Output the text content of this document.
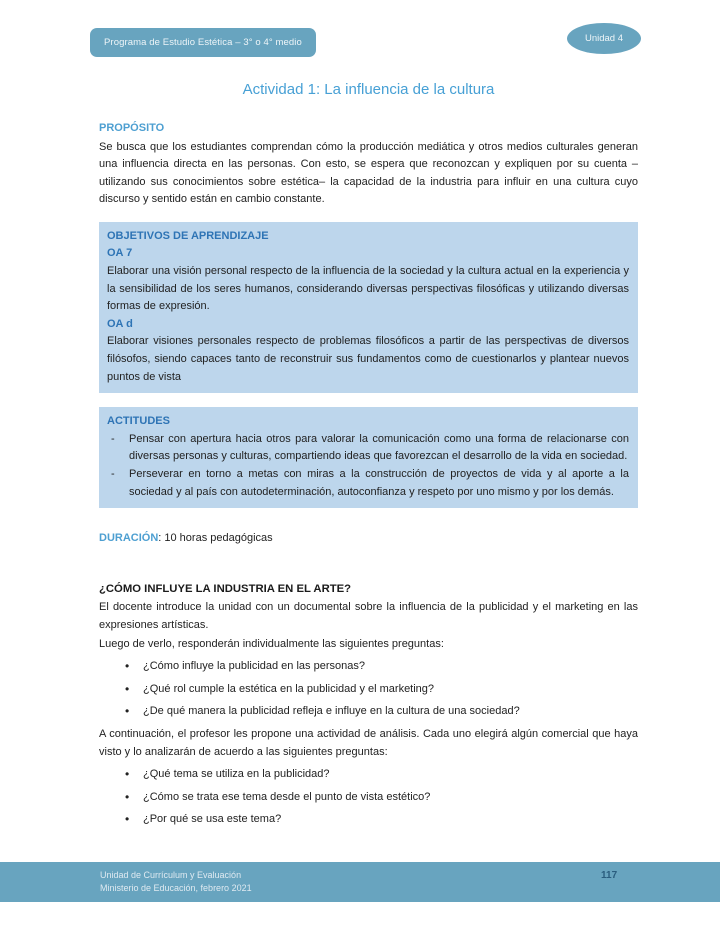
Programa de Estudio Estética – 3° o 4° medio	Unidad 4
Actividad 1: La influencia de la cultura
PROPÓSITO

Se busca que los estudiantes comprendan cómo la producción mediática y otros medios culturales generan una influencia directa en las personas. Con esto, se espera que reconozcan y expliquen por su cuenta –utilizando sus conocimientos sobre estética– la capacidad de la industria para influir en una cultura cuyo discurso y sentido están en cambio constante.

OBJETIVOS DE APRENDIZAJE

OA 7

Elaborar una visión personal respecto de la influencia de la sociedad y la cultura actual en la experiencia y la sensibilidad de los seres humanos, considerando diversas perspectivas filosóficas y utilizando diversas formas de expresión.

OA d

Elaborar visiones personales respecto de problemas filosóficos a partir de las perspectivas de diversos filósofos, siendo capaces tanto de reconstruir sus fundamentos como de cuestionarlos y plantear nuevos puntos de vista

ACTITUDES

- Pensar con apertura hacia otros para valorar la comunicación como una forma de relacionarse con diversas personas y culturas, compartiendo ideas que favorezcan el desarrollo de la vida en sociedad.
- Perseverar en torno a metas con miras a la construcción de proyectos de vida y al aporte a la sociedad y al país con autodeterminación, autoconfianza y respeto por uno mismo y por los demás.

DURACIÓN: 10 horas pedagógicas

¿CÓMO INFLUYE LA INDUSTRIA EN EL ARTE?

El docente introduce la unidad con un documental sobre la influencia de la publicidad y el marketing en las expresiones artísticas.

Luego de verlo, responderán individualmente las siguientes preguntas:

• ¿Cómo influye la publicidad en las personas?
• ¿Qué rol cumple la estética en la publicidad y el marketing?
• ¿De qué manera la publicidad refleja e influye en la cultura de una sociedad?

A continuación, el profesor les propone una actividad de análisis. Cada uno elegirá algún comercial que haya visto y lo analizarán de acuerdo a las siguientes preguntas:

• ¿Qué tema se utiliza en la publicidad?
• ¿Cómo se trata ese tema desde el punto de vista estético?
• ¿Por qué se usa este tema?
Unidad de Currículum y Evaluación
Ministerio de Educación, febrero 2021
117
